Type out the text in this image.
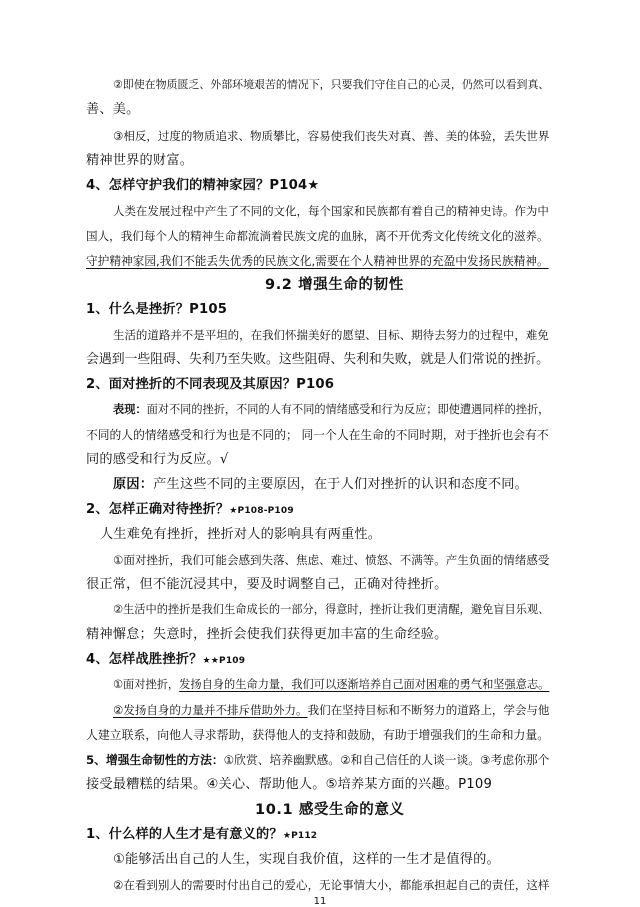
②即使在物质匮乏、外部环境艰苦的情况下，只要我们守住自己的心灵，仍然可以看到真、
善、美。
③相反，过度的物质追求、物质攀比，容易使我们丧失对真、善、美的体验，丢失世界
精神世界的财富。
4、怎样守护我们的精神家园？P104★
人类在发展过程中产生了不同的文化，每个国家和民族都有着自己的精神史诗。作为中
国人，我们每个人的精神生命都流淌着民族文虎的血脉，离不开优秀文化传统文化的滋养。
守护精神家园,我们不能丢失优秀的民族文化,需要在个人精神世界的充盈中发扬民族精神。
9.2 增强生命的韧性
1、什么是挫折？P105
生活的道路并不是平坦的，在我们怀揣美好的愿望、目标、期待去努力的过程中，难免
会遇到一些阻碍、失利乃至失败。这些阻碍、失利和失败，就是人们常说的挫折。
2、面对挫折的不同表现及其原因？P106
表现：面对不同的挫折，不同的人有不同的情绪感受和行为反应；即使遭遇同样的挫折，
不同的人的情绪感受和行为也是不同的； 同一个人在生命的不同时期，对于挫折也会有不
同的感受和行为反应。√
原因：产生这些不同的主要原因，在于人们对挫折的认识和态度不同。
2、怎样正确对待挫折？★P108-P109
人生难免有挫折，挫折对人的影响具有两重性。
①面对挫折，我们可能会感到失落、焦虑、难过、愤怒、不满等。产生负面的情绪感受
很正常，但不能沉浸其中，要及时调整自己，正确对待挫折。
②生活中的挫折是我们生命成长的一部分，得意时，挫折让我们更清醒，避免盲目乐观、
精神懈怠；失意时，挫折会使我们获得更加丰富的生命经验。
4、怎样战胜挫折？★★P109
①面对挫折，发扬自身的生命力量，我们可以逐渐培养自己面对困难的勇气和坚强意志。
②发扬自身的力量并不排斥借助外力。我们在坚持目标和不断努力的道路上，学会与他
人建立联系，向他人寻求帮助，获得他人的支持和鼓励，有助于增强我们的生命和力量。
5、增强生命韧性的方法：①欣赏、培养幽默感。②和自己信任的人谈一谈。③考虑你那个
接受最糟糕的结果。④关心、帮助他人。⑤培养某方面的兴趣。P109
10.1 感受生命的意义
1、什么样的人生才是有意义的？★P112
①能够活出自己的人生，实现自我价值，这样的一生才是值得的。
②在看到别人的需要时付出自己的爱心，无论事情大小，都能承担起自己的责任，这样
11
